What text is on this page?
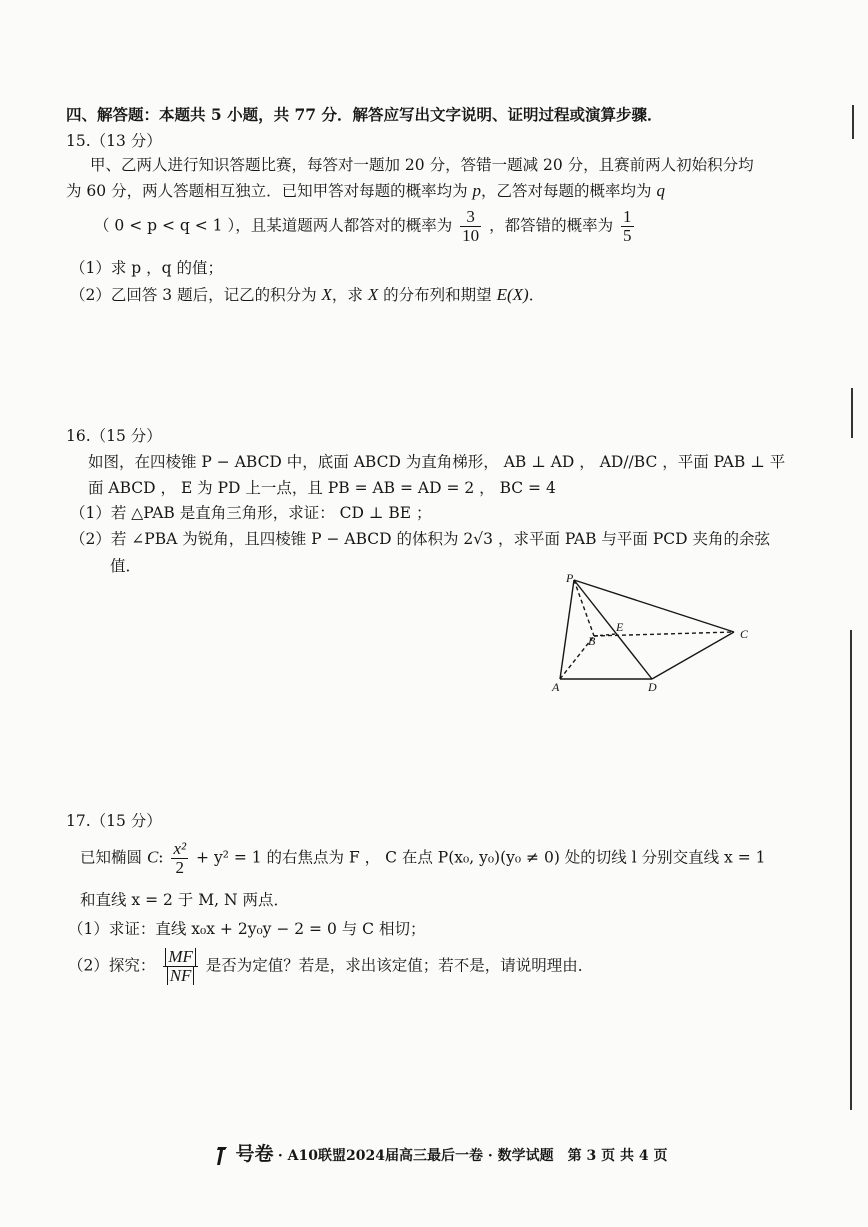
四、解答题：本题共 5 小题，共 77 分．解答应写出文字说明、证明过程或演算步骤．
15.（13 分）
甲、乙两人进行知识答题比赛，每答对一题加 20 分，答错一题减 20 分，且赛前两人初始积分均
为 60 分，两人答题相互独立．已知甲答对每题的概率均为 p，乙答对每题的概率均为 q
（ 0 < p < q < 1 ），且某道题两人都答对的概率为 $\frac{3}{10}$ ，都答错的概率为 $\frac{1}{5}$
（1）求 p ，q 的值；
（2）乙回答 3 题后，记乙的积分为 X，求 X 的分布列和期望 E(X)．
16.（15 分）
如图，在四棱锥 P − ABCD 中，底面 ABCD 为直角梯形， AB ⊥ AD ， AD//BC ，平面 PAB ⊥ 平
面 ABCD ， E 为 PD 上一点，且 PB = AB = AD = 2 ， BC = 4
（1）若 △PAB 是直角三角形，求证： CD ⊥ BE ；
（2）若 ∠PBA 为锐角，且四棱锥 P − ABCD 的体积为 2√3 ，求平面 PAB 与平面 PCD 夹角的余弦
值．
P
B
E	C
A	D
17.（15 分）
已知椭圆 C: $\frac{\text{x²}}{2} + y^2 = 1$ 的右焦点为 F ， C 在点 P(x₀, y₀)(y₀ ≠ 0) 处的切线 l 分别交直线 x = 1
和直线 x = 2 于 M, N 两点．
（1）求证：直线 x₀x + 2y₀y − 2 = 0 与 C 相切；
（2）探究： $\frac{MF}{NF}$ 是否为定值？若是，求出该定值；若不是，请说明理由．
号卷 · A10联盟2024届高三最后一卷 · 数学试题　第 3 页 共 4 页
